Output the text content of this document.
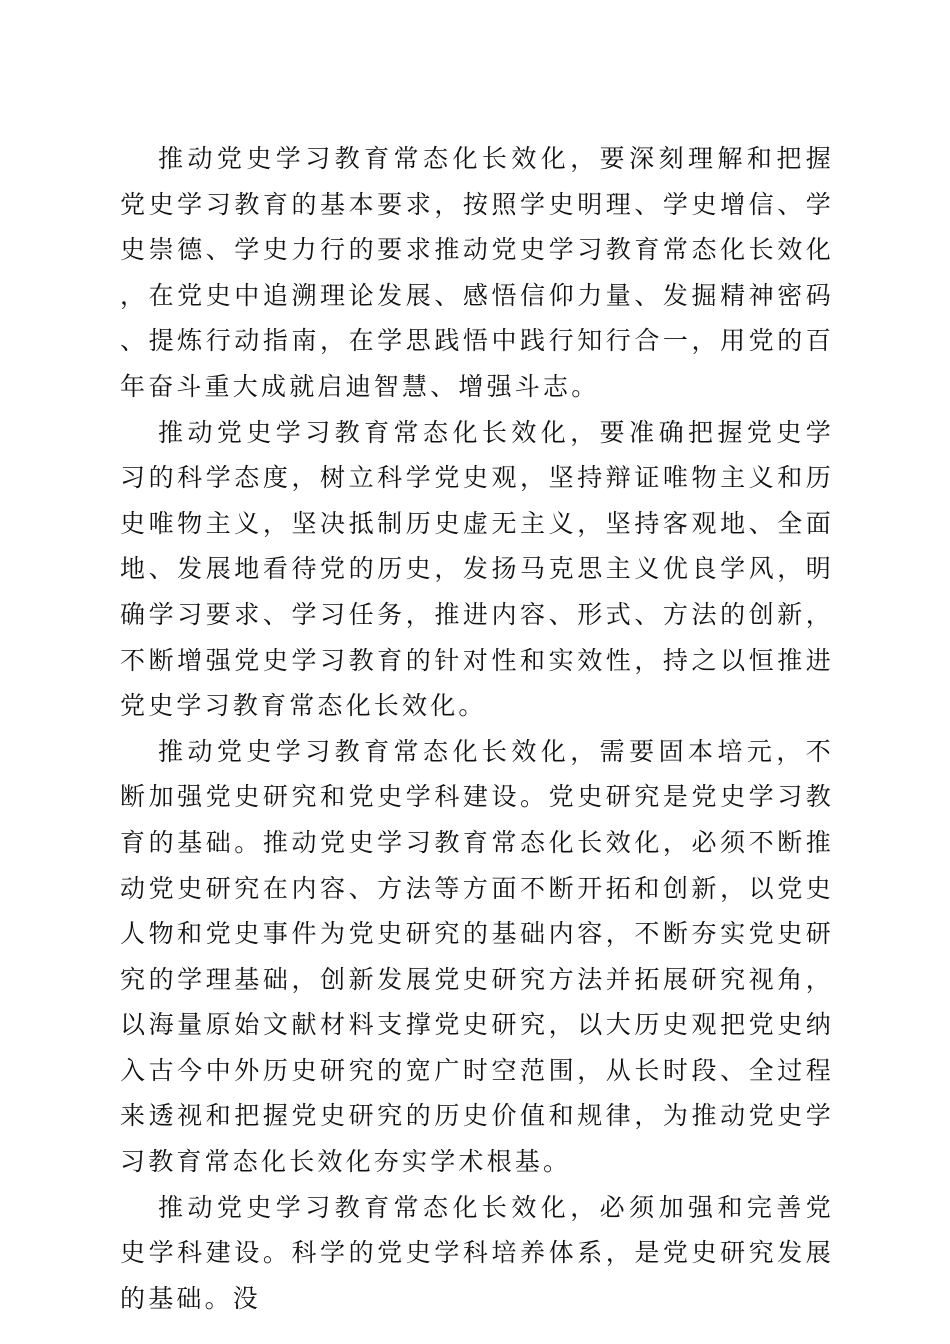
推动党史学习教育常态化长效化，要深刻理解和把握党史学习教育的基本要求，按照学史明理、学史增信、学史崇德、学史力行的要求推动党史学习教育常态化长效化，在党史中追溯理论发展、感悟信仰力量、发掘精神密码、提炼行动指南，在学思践悟中践行知行合一，用党的百年奋斗重大成就启迪智慧、增强斗志。

推动党史学习教育常态化长效化，要准确把握党史学习的科学态度，树立科学党史观，坚持辩证唯物主义和历史唯物主义，坚决抵制历史虚无主义，坚持客观地、全面地、发展地看待党的历史，发扬马克思主义优良学风，明确学习要求、学习任务，推进内容、形式、方法的创新，不断增强党史学习教育的针对性和实效性，持之以恒推进党史学习教育常态化长效化。

推动党史学习教育常态化长效化，需要固本培元，不断加强党史研究和党史学科建设。党史研究是党史学习教育的基础。推动党史学习教育常态化长效化，必须不断推动党史研究在内容、方法等方面不断开拓和创新，以党史人物和党史事件为党史研究的基础内容，不断夯实党史研究的学理基础，创新发展党史研究方法并拓展研究视角，以海量原始文献材料支撑党史研究，以大历史观把党史纳入古今中外历史研究的宽广时空范围，从长时段、全过程来透视和把握党史研究的历史价值和规律，为推动党史学习教育常态化长效化夯实学术根基。

推动党史学习教育常态化长效化，必须加强和完善党史学科建设。科学的党史学科培养体系，是党史研究发展的基础。没
